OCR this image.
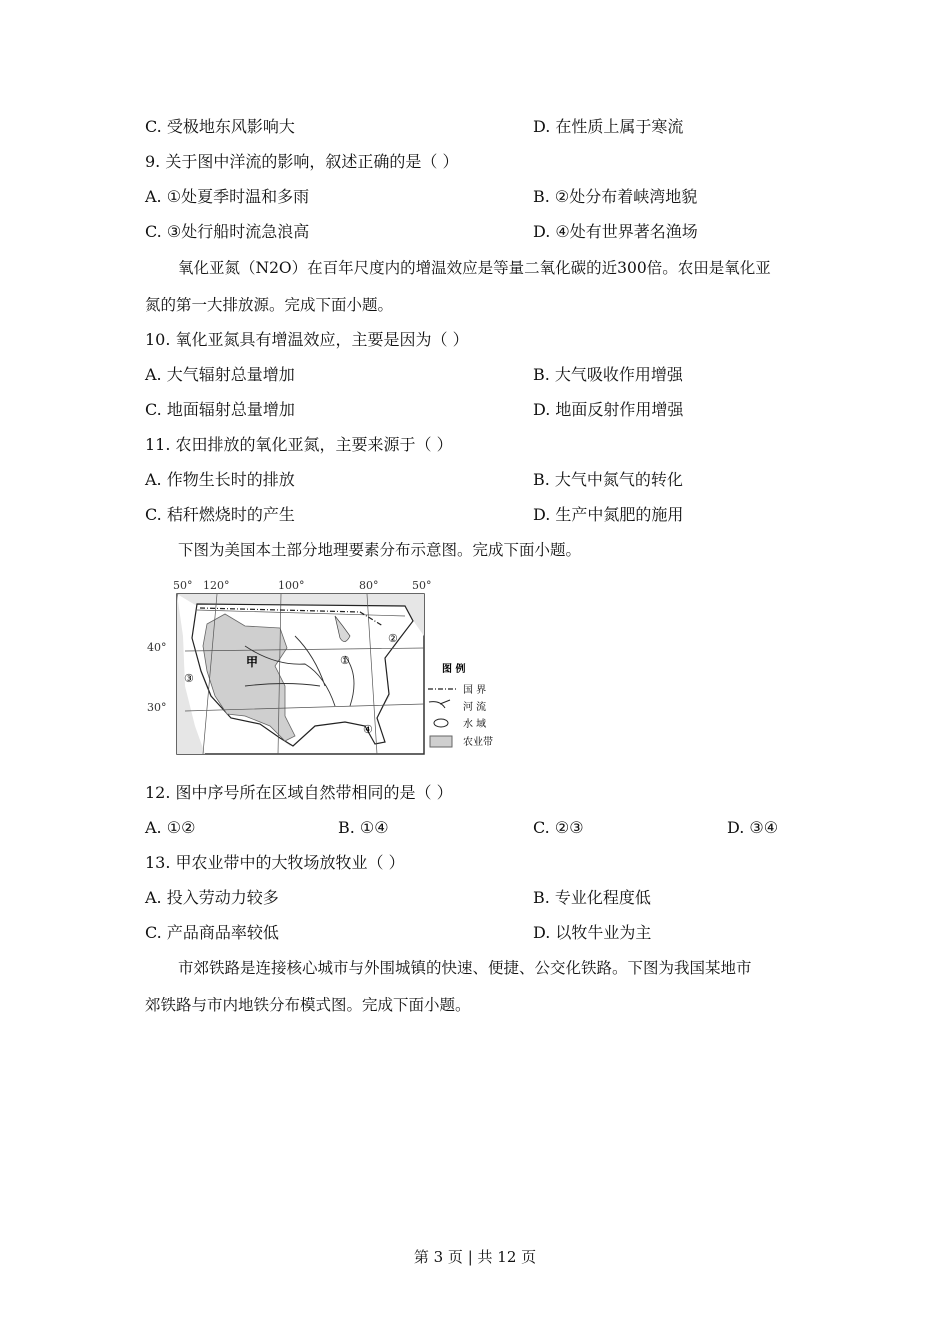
C. 受极地东风影响大	D. 在性质上属于寒流
9. 关于图中洋流的影响，叙述正确的是（ ）
A. ①处夏季时温和多雨	B. ②处分布着峡湾地貌
C. ③处行船时流急浪高	D. ④处有世界著名渔场
氧化亚氮（N2O）在百年尺度内的增温效应是等量二氧化碳的近300倍。农田是氧化亚
氮的第一大排放源。完成下面小题。
10. 氧化亚氮具有增温效应，主要是因为（ ）
A. 大气辐射总量增加	B. 大气吸收作用增强
C. 地面辐射总量增加	D. 地面反射作用增强
11. 农田排放的氧化亚氮，主要来源于（ ）
A. 作物生长时的排放	B. 大气中氮气的转化
C. 秸秆燃烧时的产生	D. 生产中氮肥的施用
下图为美国本土部分地理要素分布示意图。完成下面小题。
50° 120°	100°	80°	50°
40°
30°
甲	①
②
③
④
图 例
国 界
河 流
水 域
农业带
12. 图中序号所在区域自然带相同的是（ ）
A. ①②	B. ①④	C. ②③	D. ③④
13. 甲农业带中的大牧场放牧业（ ）
A. 投入劳动力较多	B. 专业化程度低
C. 产品商品率较低	D. 以牧牛业为主
市郊铁路是连接核心城市与外围城镇的快速、便捷、公交化铁路。下图为我国某地市
郊铁路与市内地铁分布模式图。完成下面小题。
第 3 页 | 共 12 页
